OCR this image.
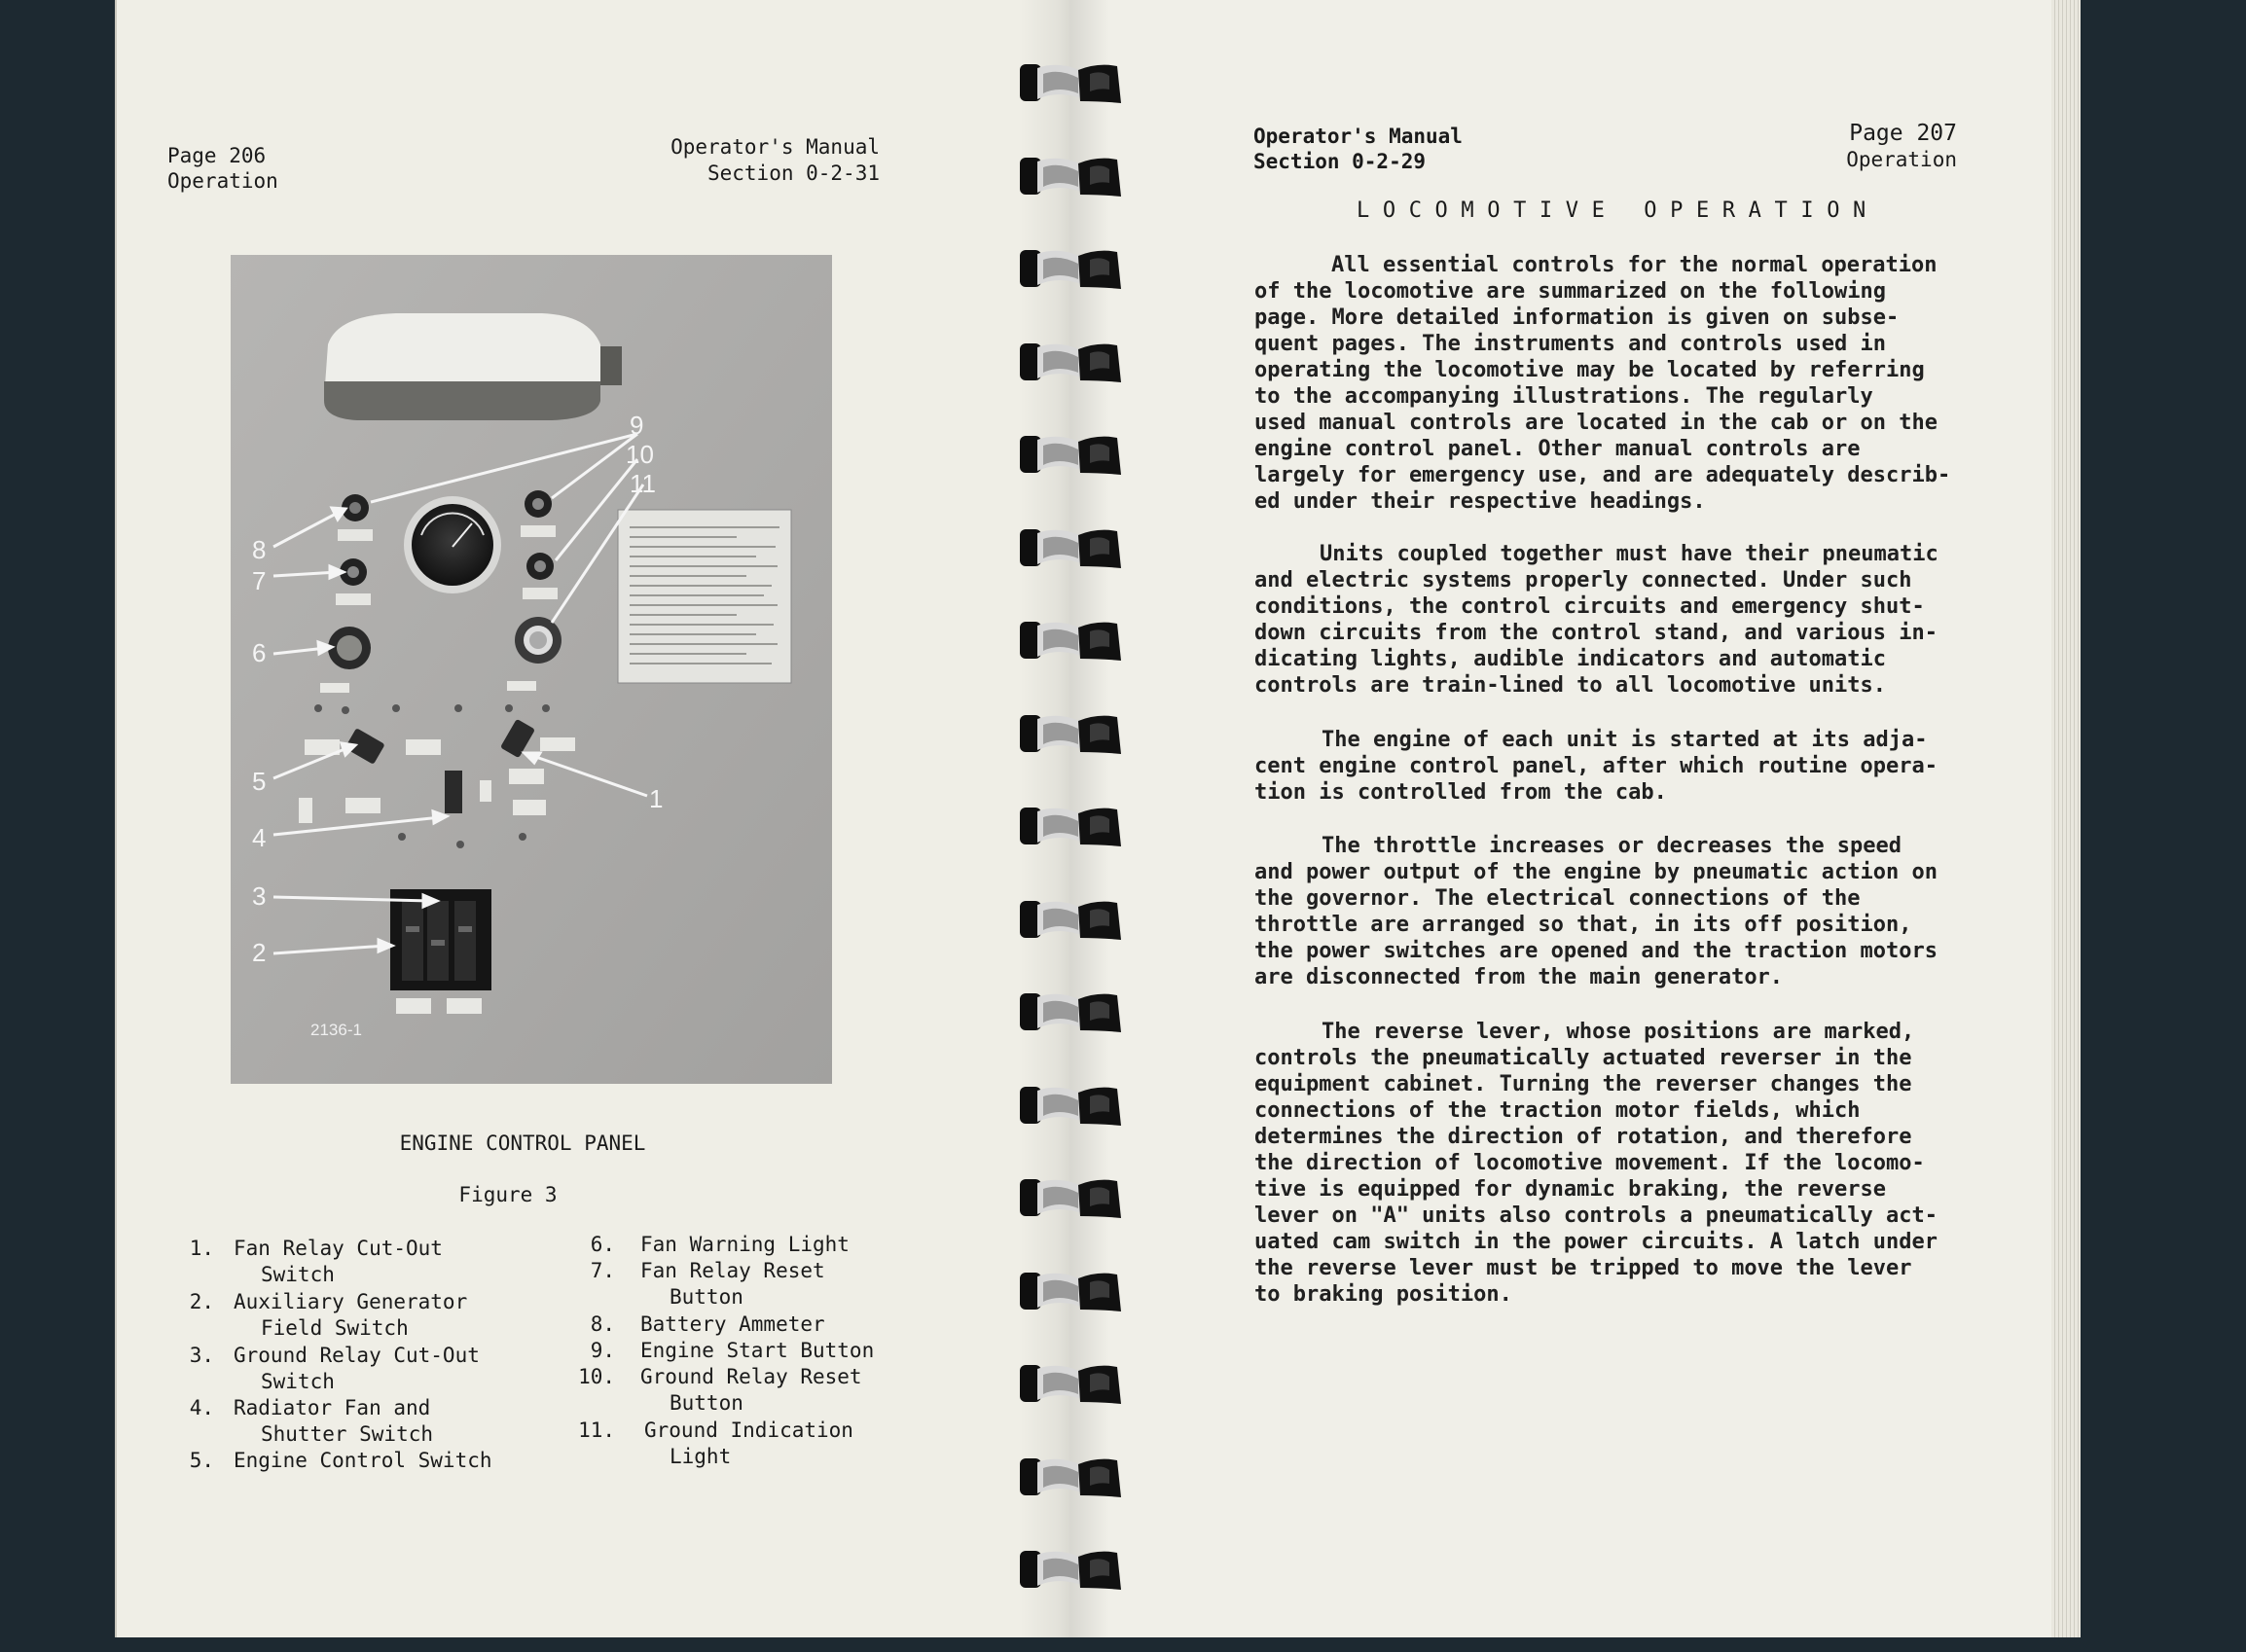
Page 206
Operation
Operator's Manual
Section 0-2-31
1
2
3
4
5
6
7
8
9
10
11
2136-1
ENGINE CONTROL PANEL
Figure 3
1. Fan Relay Cut-Out
Switch
2. Auxiliary Generator
Field Switch
3. Ground Relay Cut-Out
Switch
4. Radiator Fan and
Shutter Switch
5. Engine Control Switch
6. Fan Warning Light
7. Fan Relay Reset
Button
8. Battery Ammeter
9. Engine Start Button
10. Ground Relay Reset
Button
11. Ground Indication
Light
Operator's Manual
Section 0-2-29
Page 207
Operation
LOCOMOTIVE OPERATION
All essential controls for the normal operation
of the locomotive are summarized on the following
page. More detailed information is given on subse-
quent pages. The instruments and controls used in
operating the locomotive may be located by referring
to the accompanying illustrations. The regularly
used manual controls are located in the cab or on the
engine control panel. Other manual controls are
largely for emergency use, and are adequately describ-
ed under their respective headings.
Units coupled together must have their pneumatic
and electric systems properly connected. Under such
conditions, the control circuits and emergency shut-
down circuits from the control stand, and various in-
dicating lights, audible indicators and automatic
controls are train-lined to all locomotive units.
The engine of each unit is started at its adja-
cent engine control panel, after which routine opera-
tion is controlled from the cab.
The throttle increases or decreases the speed
and power output of the engine by pneumatic action on
the governor. The electrical connections of the
throttle are arranged so that, in its off position,
the power switches are opened and the traction motors
are disconnected from the main generator.
The reverse lever, whose positions are marked,
controls the pneumatically actuated reverser in the
equipment cabinet. Turning the reverser changes the
connections of the traction motor fields, which
determines the direction of rotation, and therefore
the direction of locomotive movement. If the locomo-
tive is equipped for dynamic braking, the reverse
lever on "A" units also controls a pneumatically act-
uated cam switch in the power circuits. A latch under
the reverse lever must be tripped to move the lever
to braking position.
